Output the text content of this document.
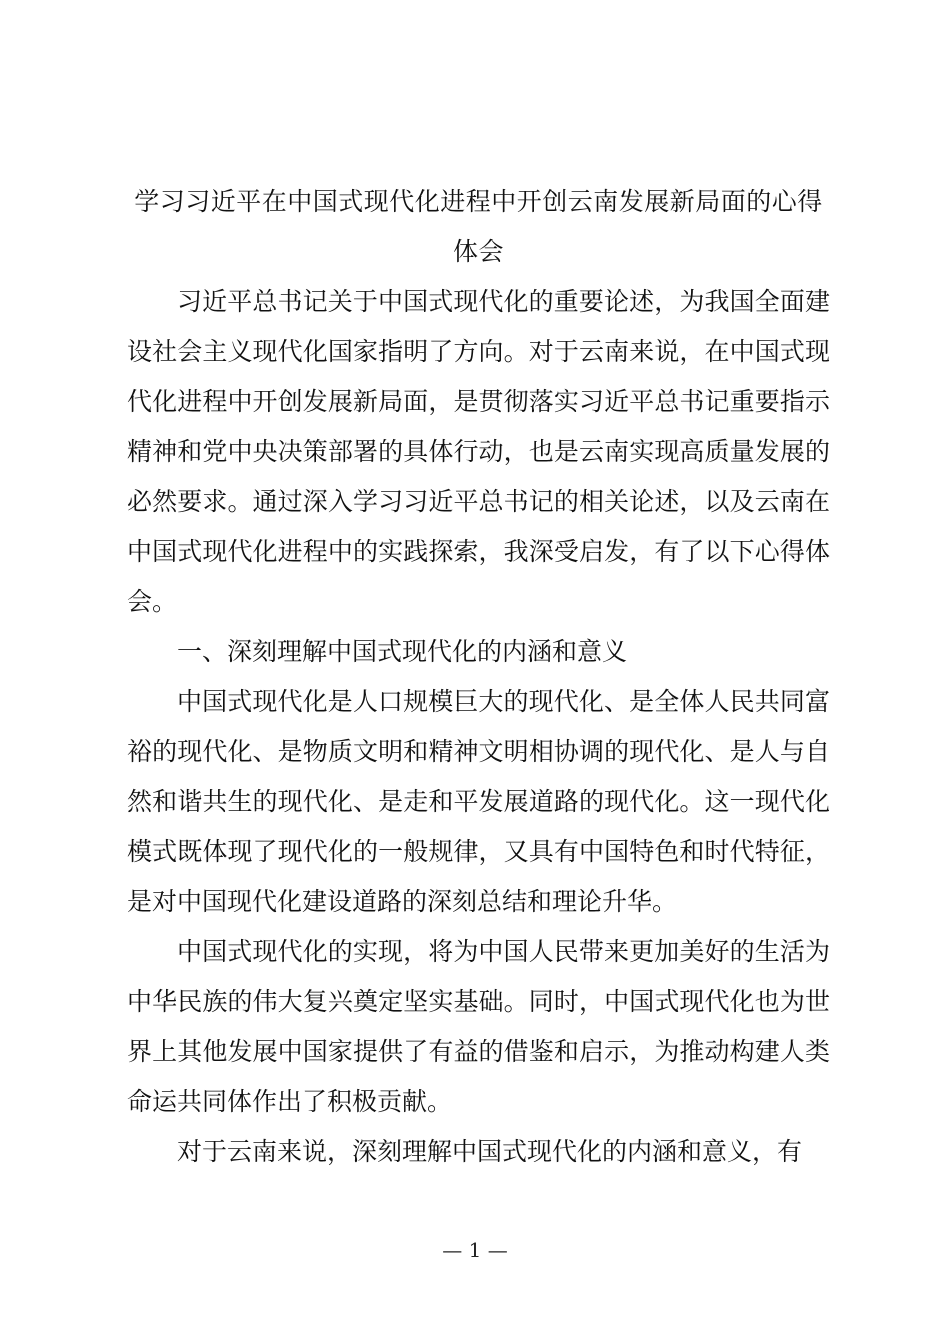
学习习近平在中国式现代化进程中开创云南发展新局面的心得体会

习近平总书记关于中国式现代化的重要论述，为我国全面建设社会主义现代化国家指明了方向。对于云南来说，在中国式现代化进程中开创发展新局面，是贯彻落实习近平总书记重要指示精神和党中央决策部署的具体行动，也是云南实现高质量发展的必然要求。通过深入学习习近平总书记的相关论述，以及云南在中国式现代化进程中的实践探索，我深受启发，有了以下心得体会。

一、深刻理解中国式现代化的内涵和意义

中国式现代化是人口规模巨大的现代化、是全体人民共同富裕的现代化、是物质文明和精神文明相协调的现代化、是人与自然和谐共生的现代化、是走和平发展道路的现代化。这一现代化模式既体现了现代化的一般规律，又具有中国特色和时代特征，是对中国现代化建设道路的深刻总结和理论升华。

中国式现代化的实现，将为中国人民带来更加美好的生活为中华民族的伟大复兴奠定坚实基础。同时，中国式现代化也为世界上其他发展中国家提供了有益的借鉴和启示，为推动构建人类命运共同体作出了积极贡献。

对于云南来说，深刻理解中国式现代化的内涵和意义，有

— 1 —
